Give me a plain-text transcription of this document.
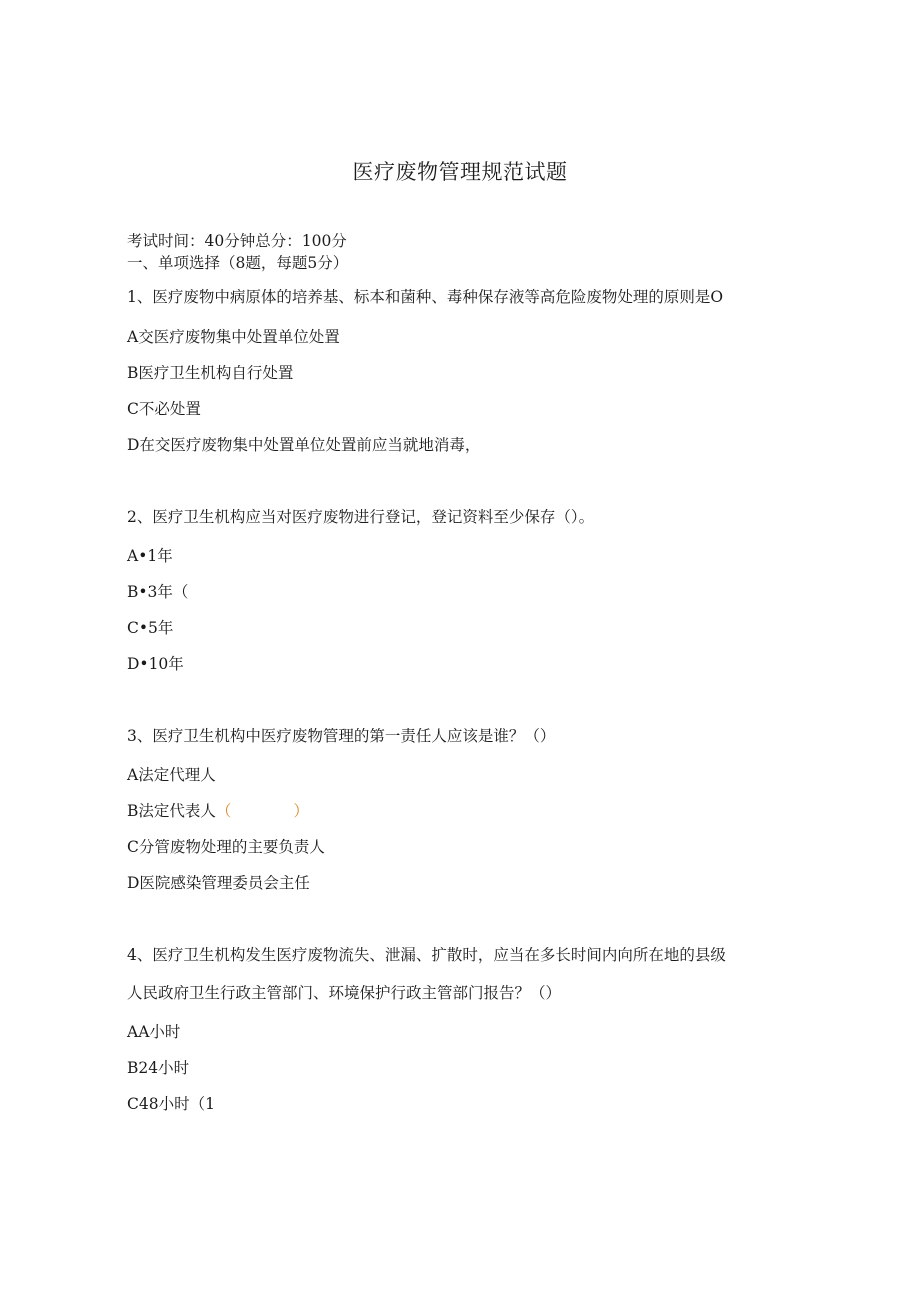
医疗废物管理规范试题
考试时间：40分钟总分：100分
一、单项选择（8题，每题5分）
1、医疗废物中病原体的培养基、标本和菌种、毒种保存液等高危险废物处理的原则是O
A交医疗废物集中处置单位处置
B医疗卫生机构自行处置
C不必处置
D在交医疗废物集中处置单位处置前应当就地消毒，
2、医疗卫生机构应当对医疗废物进行登记，登记资料至少保存（）。
A•1年
B•3年（
C•5年
D•10年
3、医疗卫生机构中医疗废物管理的第一责任人应该是谁？（）
A法定代理人
B法定代表人（	）
C分管废物处理的主要负责人
D医院感染管理委员会主任
4、医疗卫生机构发生医疗废物流失、泄漏、扩散时，应当在多长时间内向所在地的县级
人民政府卫生行政主管部门、环境保护行政主管部门报告？（）
AA小时
B24小时
C48小时（1
